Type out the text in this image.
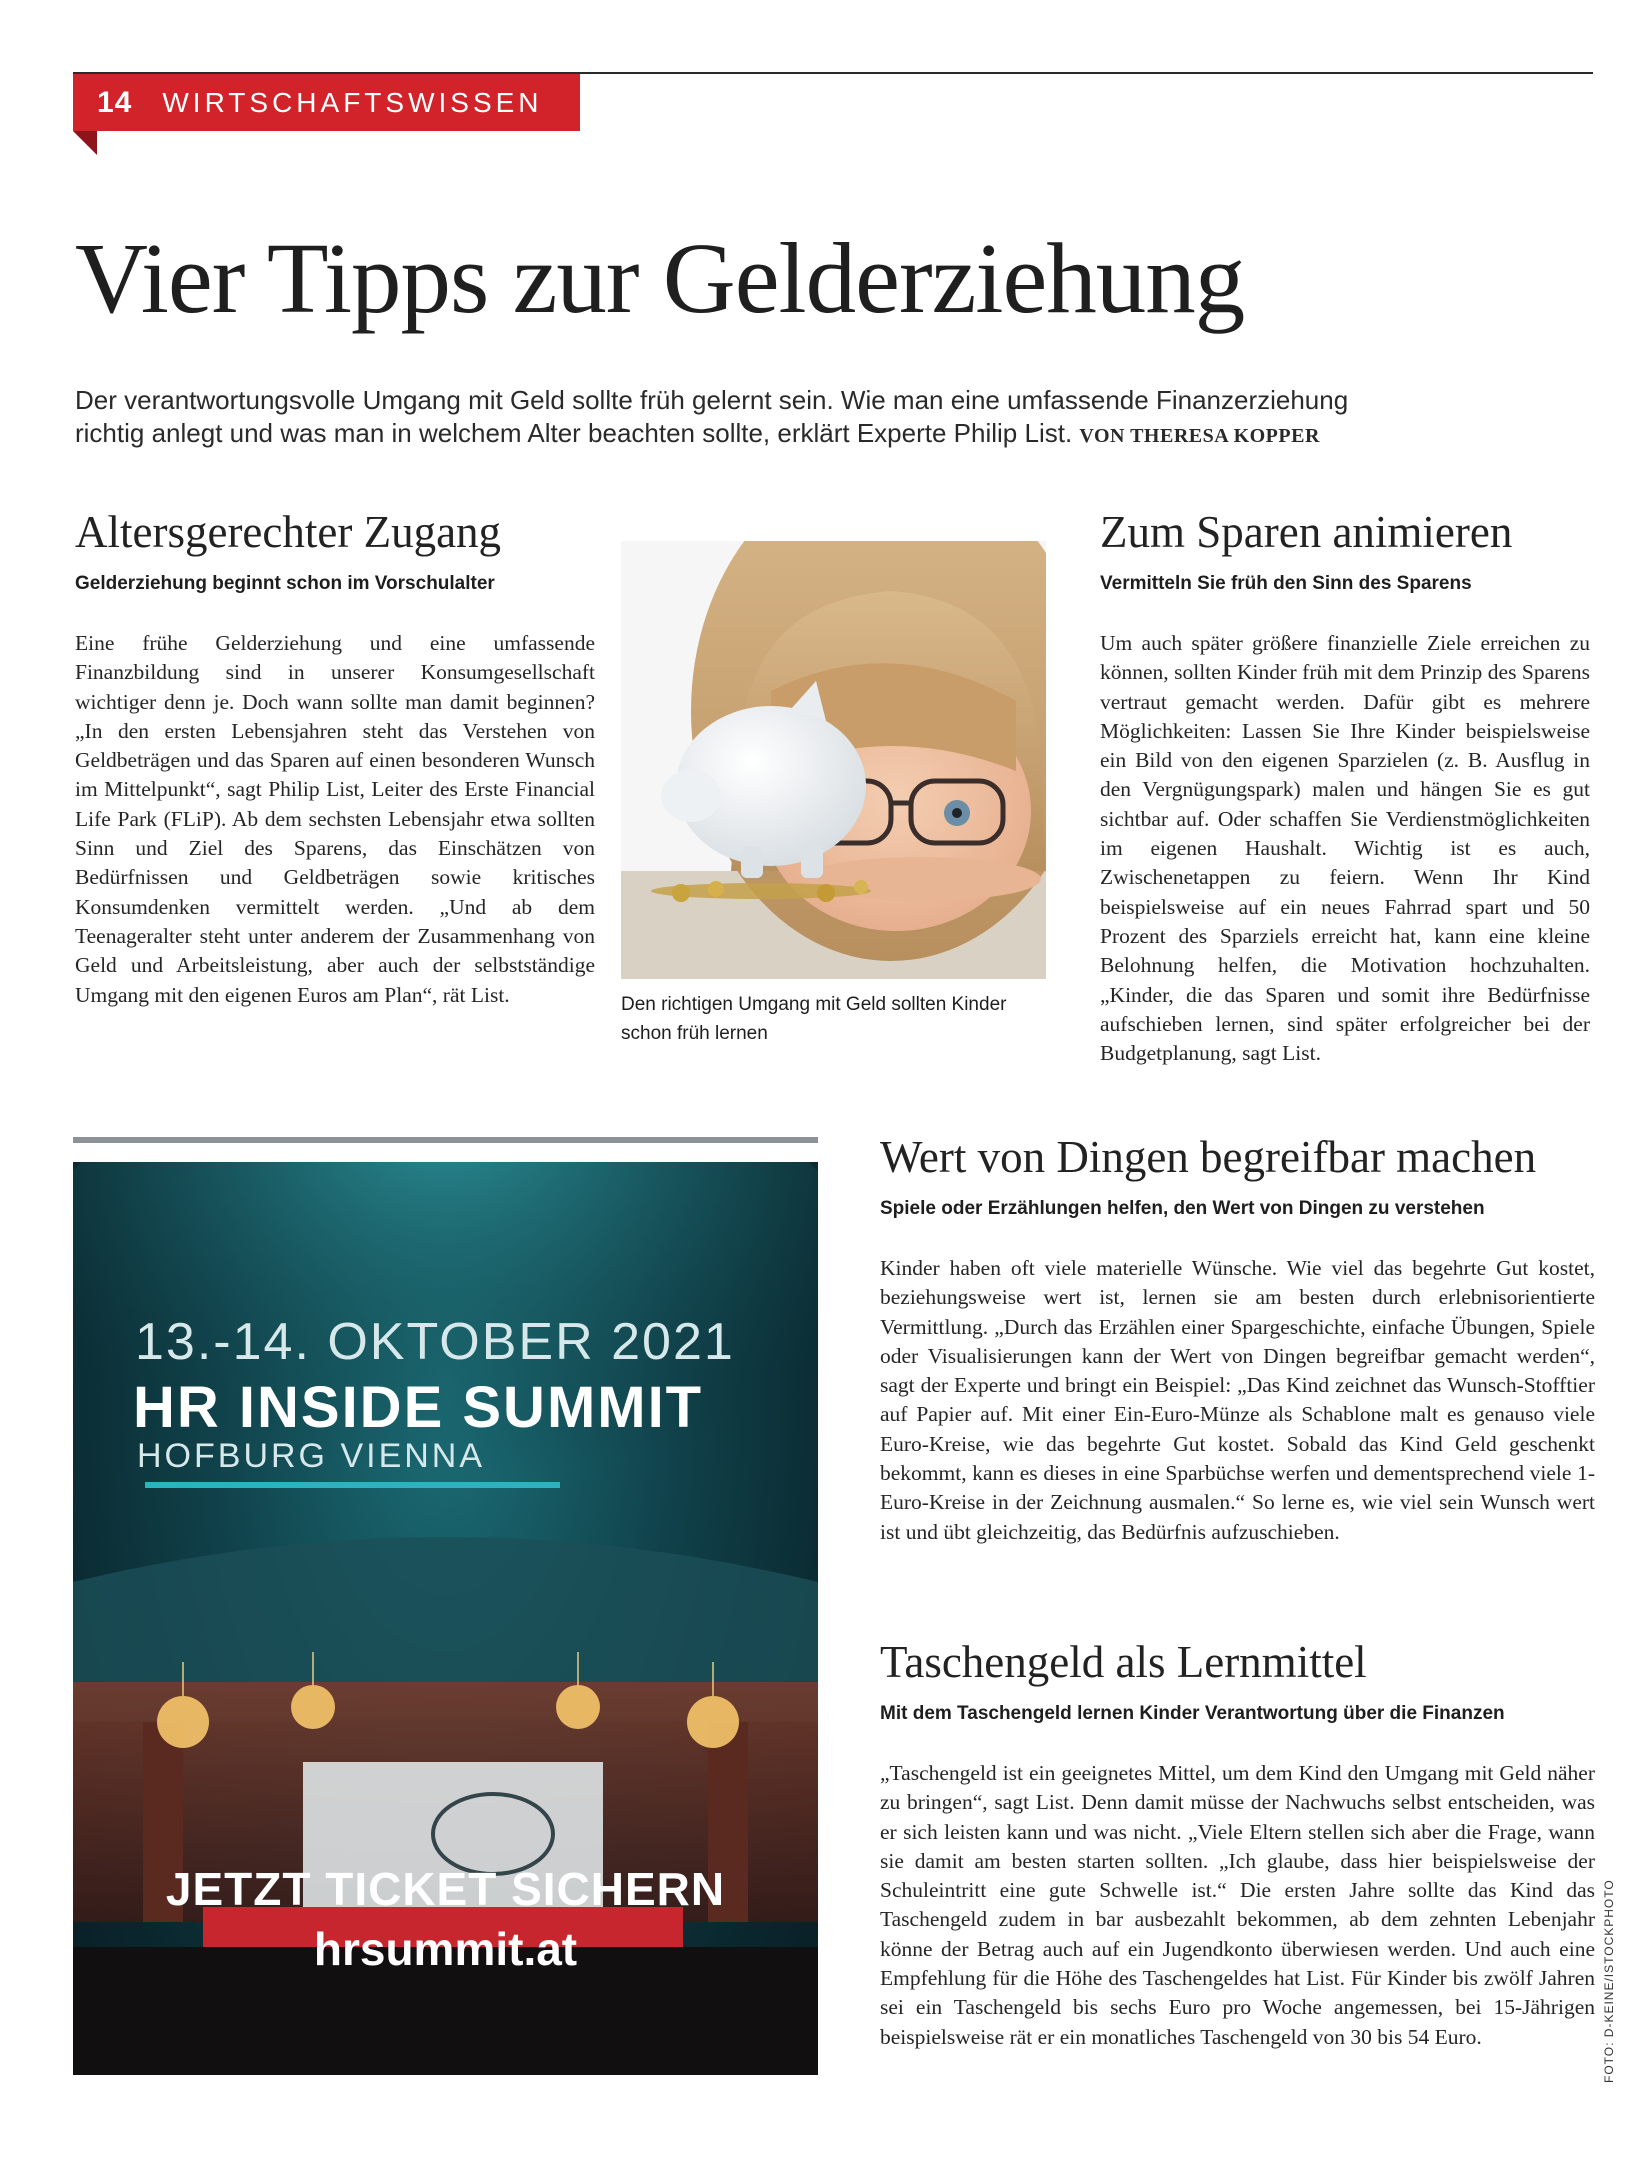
14 WIRTSCHAFTSWISSEN
Vier Tipps zur Gelderziehung

Der verantwortungsvolle Umgang mit Geld sollte früh gelernt sein. Wie man eine umfassende Finanzerziehung richtig anlegt und was man in welchem Alter beachten sollte, erklärt Experte Philip List. VON THERESA KOPPER

Altersgerechter Zugang

Gelderziehung beginnt schon im Vorschulalter

Eine frühe Gelderziehung und eine umfassende Finanzbildung sind in unserer Konsumgesellschaft wichtiger denn je. Doch wann sollte man damit beginnen? „In den ersten Lebensjahren steht das Verstehen von Geldbeträgen und das Sparen auf einen besonderen Wunsch im Mittelpunkt“, sagt Philip List, Leiter des Erste Financial Life Park (FLiP). Ab dem sechsten Lebensjahr etwa sollten Sinn und Ziel des Sparens, das Einschätzen von Bedürfnissen und Geldbeträgen sowie kritisches Konsumdenken vermittelt werden. „Und ab dem Teenageralter steht unter anderem der Zusammenhang von Geld und Arbeitsleistung, aber auch der selbstständige Umgang mit den eigenen Euros am Plan“, rät List.	Den richtigen Umgang mit Geld sollten Kinder schon früh lernen

Zum Sparen animieren

Vermitteln Sie früh den Sinn des Sparens

Um auch später größere finanzielle Ziele erreichen zu können, sollten Kinder früh mit dem Prinzip des Sparens vertraut gemacht werden. Dafür gibt es mehrere Möglichkeiten: Lassen Sie Ihre Kinder beispielsweise ein Bild von den eigenen Sparzielen (z. B. Ausflug in den Vergnügungspark) malen und hängen Sie es gut sichtbar auf. Oder schaffen Sie Verdienstmöglichkeiten im eigenen Haushalt. Wichtig ist es auch, Zwischenetappen zu feiern. Wenn Ihr Kind beispielsweise auf ein neues Fahrrad spart und 50 Prozent des Sparziels erreicht hat, kann eine kleine Belohnung helfen, die Motivation hochzuhalten. „Kinder, die das Sparen und somit ihre Bedürfnisse aufschieben lernen, sind später erfolgreicher bei der Budgetplanung, sagt List.

13.-14. OKTOBER 2021
HR INSIDE SUMMIT
HOFBURG VIENNA
JETZT TICKET SICHERN
hrsummit.at
Wert von Dingen begreifbar machen

Spiele oder Erzählungen helfen, den Wert von Dingen zu verstehen

Kinder haben oft viele materielle Wünsche. Wie viel das begehrte Gut kostet, beziehungsweise wert ist, lernen sie am besten durch erlebnisorientierte Vermittlung. „Durch das Erzählen einer Spargeschichte, einfache Übungen, Spiele oder Visualisierungen kann der Wert von Dingen begreifbar gemacht werden“, sagt der Experte und bringt ein Beispiel: „Das Kind zeichnet das Wunsch-Stofftier auf Papier auf. Mit einer Ein-Euro-Münze als Schablone malt es genauso viele Euro-Kreise, wie das begehrte Gut kostet. Sobald das Kind Geld geschenkt bekommt, kann es dieses in eine Sparbüchse werfen und dementsprechend viele 1-Euro-Kreise in der Zeichnung ausmalen.“ So lerne es, wie viel sein Wunsch wert ist und übt gleichzeitig, das Bedürfnis aufzuschieben.

Taschengeld als Lernmittel

Mit dem Taschengeld lernen Kinder Verantwortung über die Finanzen

„Taschengeld ist ein geeignetes Mittel, um dem Kind den Umgang mit Geld näher zu bringen“, sagt List. Denn damit müsse der Nachwuchs selbst entscheiden, was er sich leisten kann und was nicht. „Viele Eltern stellen sich aber die Frage, wann sie damit am besten starten sollten. „Ich glaube, dass hier beispielsweise der Schuleintritt eine gute Schwelle ist.“ Die ersten Jahre sollte das Kind das Taschengeld zudem in bar ausbezahlt bekommen, ab dem zehnten Lebenjahr könne der Betrag auch auf ein Jugendkonto überwiesen werden. Und auch eine Empfehlung für die Höhe des Taschengeldes hat List. Für Kinder bis zwölf Jahren sei ein Taschengeld bis sechs Euro pro Woche angemessen, bei 15-Jährigen beispielsweise rät er ein monatliches Taschengeld von 30 bis 54 Euro.	FOTO: D-KEINE/ISTOCKPHOTO
